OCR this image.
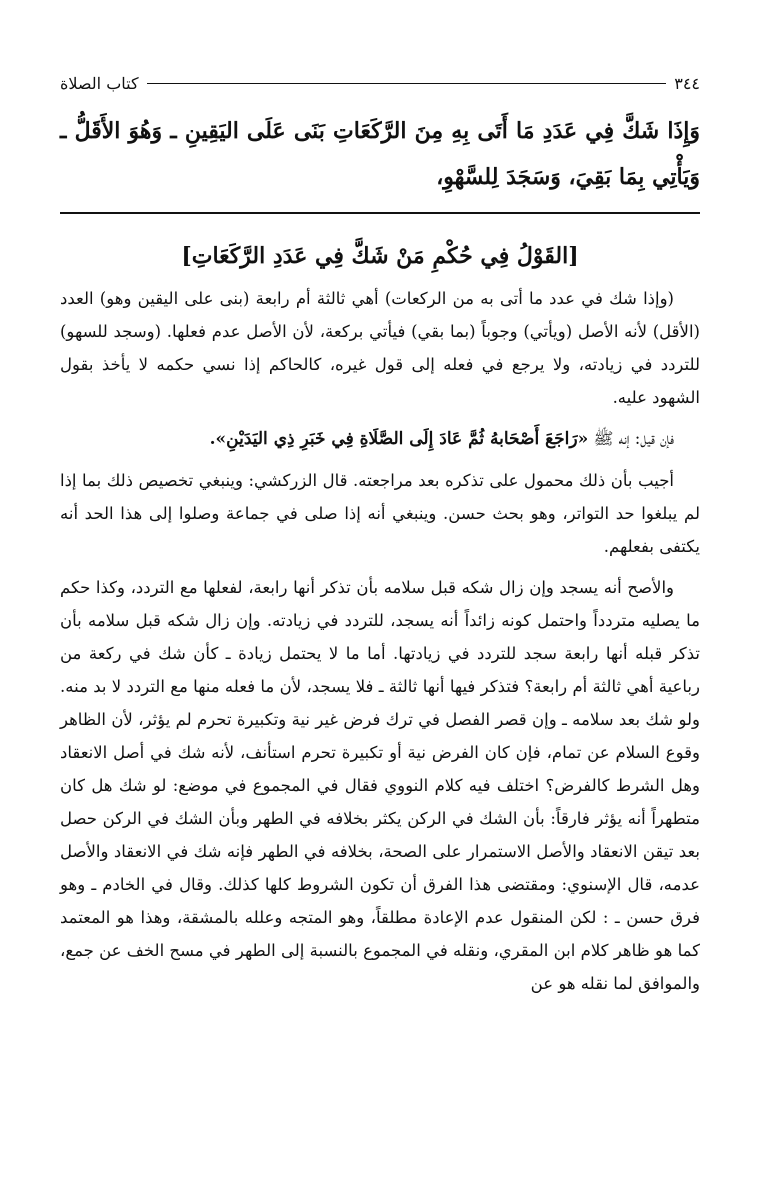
٣٤٤
كتاب الصلاة
وَإِذَا شَكَّ فِي عَدَدِ مَا أَتَى بِهِ مِنَ الرَّكَعَاتِ بَنَى عَلَى اليَقِينِ ـ وَهُوَ الأَقَلُّ ـ وَيَأْتِي بِمَا بَقِيَ، وَسَجَدَ لِلسَّهْوِ،
[القَوْلُ فِي حُكْمِ مَنْ شَكَّ فِي عَدَدِ الرَّكَعَاتِ]

(وإذا شك في عدد ما أتى به من الركعات) أهي ثالثة أم رابعة (بنى على اليقين وهو) العدد (الأقل) لأنه الأصل (ويأتي) وجوباً (بما بقي) فيأتي بركعة، لأن الأصل عدم فعلها. (وسجد للسهو) للتردد في زيادته، ولا يرجع في فعله إلى قول غيره، كالحاكم إذا نسي حكمه لا يأخذ بقول الشهود عليه.

فإن قيل: إنه ﷺ «رَاجَعَ أَصْحَابهُ ثُمَّ عَادَ إِلَى الصَّلَاةِ فِي خَبَرِ ذِي اليَدَيْنِ».

أجيب بأن ذلك محمول على تذكره بعد مراجعته. قال الزركشي: وينبغي تخصيص ذلك بما إذا لم يبلغوا حد التواتر، وهو بحث حسن. وينبغي أنه إذا صلى في جماعة وصلوا إلى هذا الحد أنه يكتفى بفعلهم.

والأصح أنه يسجد وإن زال شكه قبل سلامه بأن تذكر أنها رابعة، لفعلها مع التردد، وكذا حكم ما يصليه متردداً واحتمل كونه زائداً أنه يسجد، للتردد في زيادته. وإن زال شكه قبل سلامه بأن تذكر قبله أنها رابعة سجد للتردد في زيادتها. أما ما لا يحتمل زيادة ـ كأن شك في ركعة من رباعية أهي ثالثة أم رابعة؟ فتذكر فيها أنها ثالثة ـ فلا يسجد، لأن ما فعله منها مع التردد لا بد منه. ولو شك بعد سلامه ـ وإن قصر الفصل في ترك فرض غير نية وتكبيرة تحرم لم يؤثر، لأن الظاهر وقوع السلام عن تمام، فإن كان الفرض نية أو تكبيرة تحرم استأنف، لأنه شك في أصل الانعقاد وهل الشرط كالفرض؟ اختلف فيه كلام النووي فقال في المجموع في موضع: لو شك هل كان متطهراً أنه يؤثر فارقاً: بأن الشك في الركن يكثر بخلافه في الطهر وبأن الشك في الركن حصل بعد تيقن الانعقاد والأصل الاستمرار على الصحة، بخلافه في الطهر فإنه شك في الانعقاد والأصل عدمه، قال الإسنوي: ومقتضى هذا الفرق أن تكون الشروط كلها كذلك. وقال في الخادم ـ وهو فرق حسن ـ : لكن المنقول عدم الإعادة مطلقاً، وهو المتجه وعلله بالمشقة، وهذا هو المعتمد كما هو ظاهر كلام ابن المقري، ونقله في المجموع بالنسبة إلى الطهر في مسح الخف عن جمع، والموافق لما نقله هو عن
